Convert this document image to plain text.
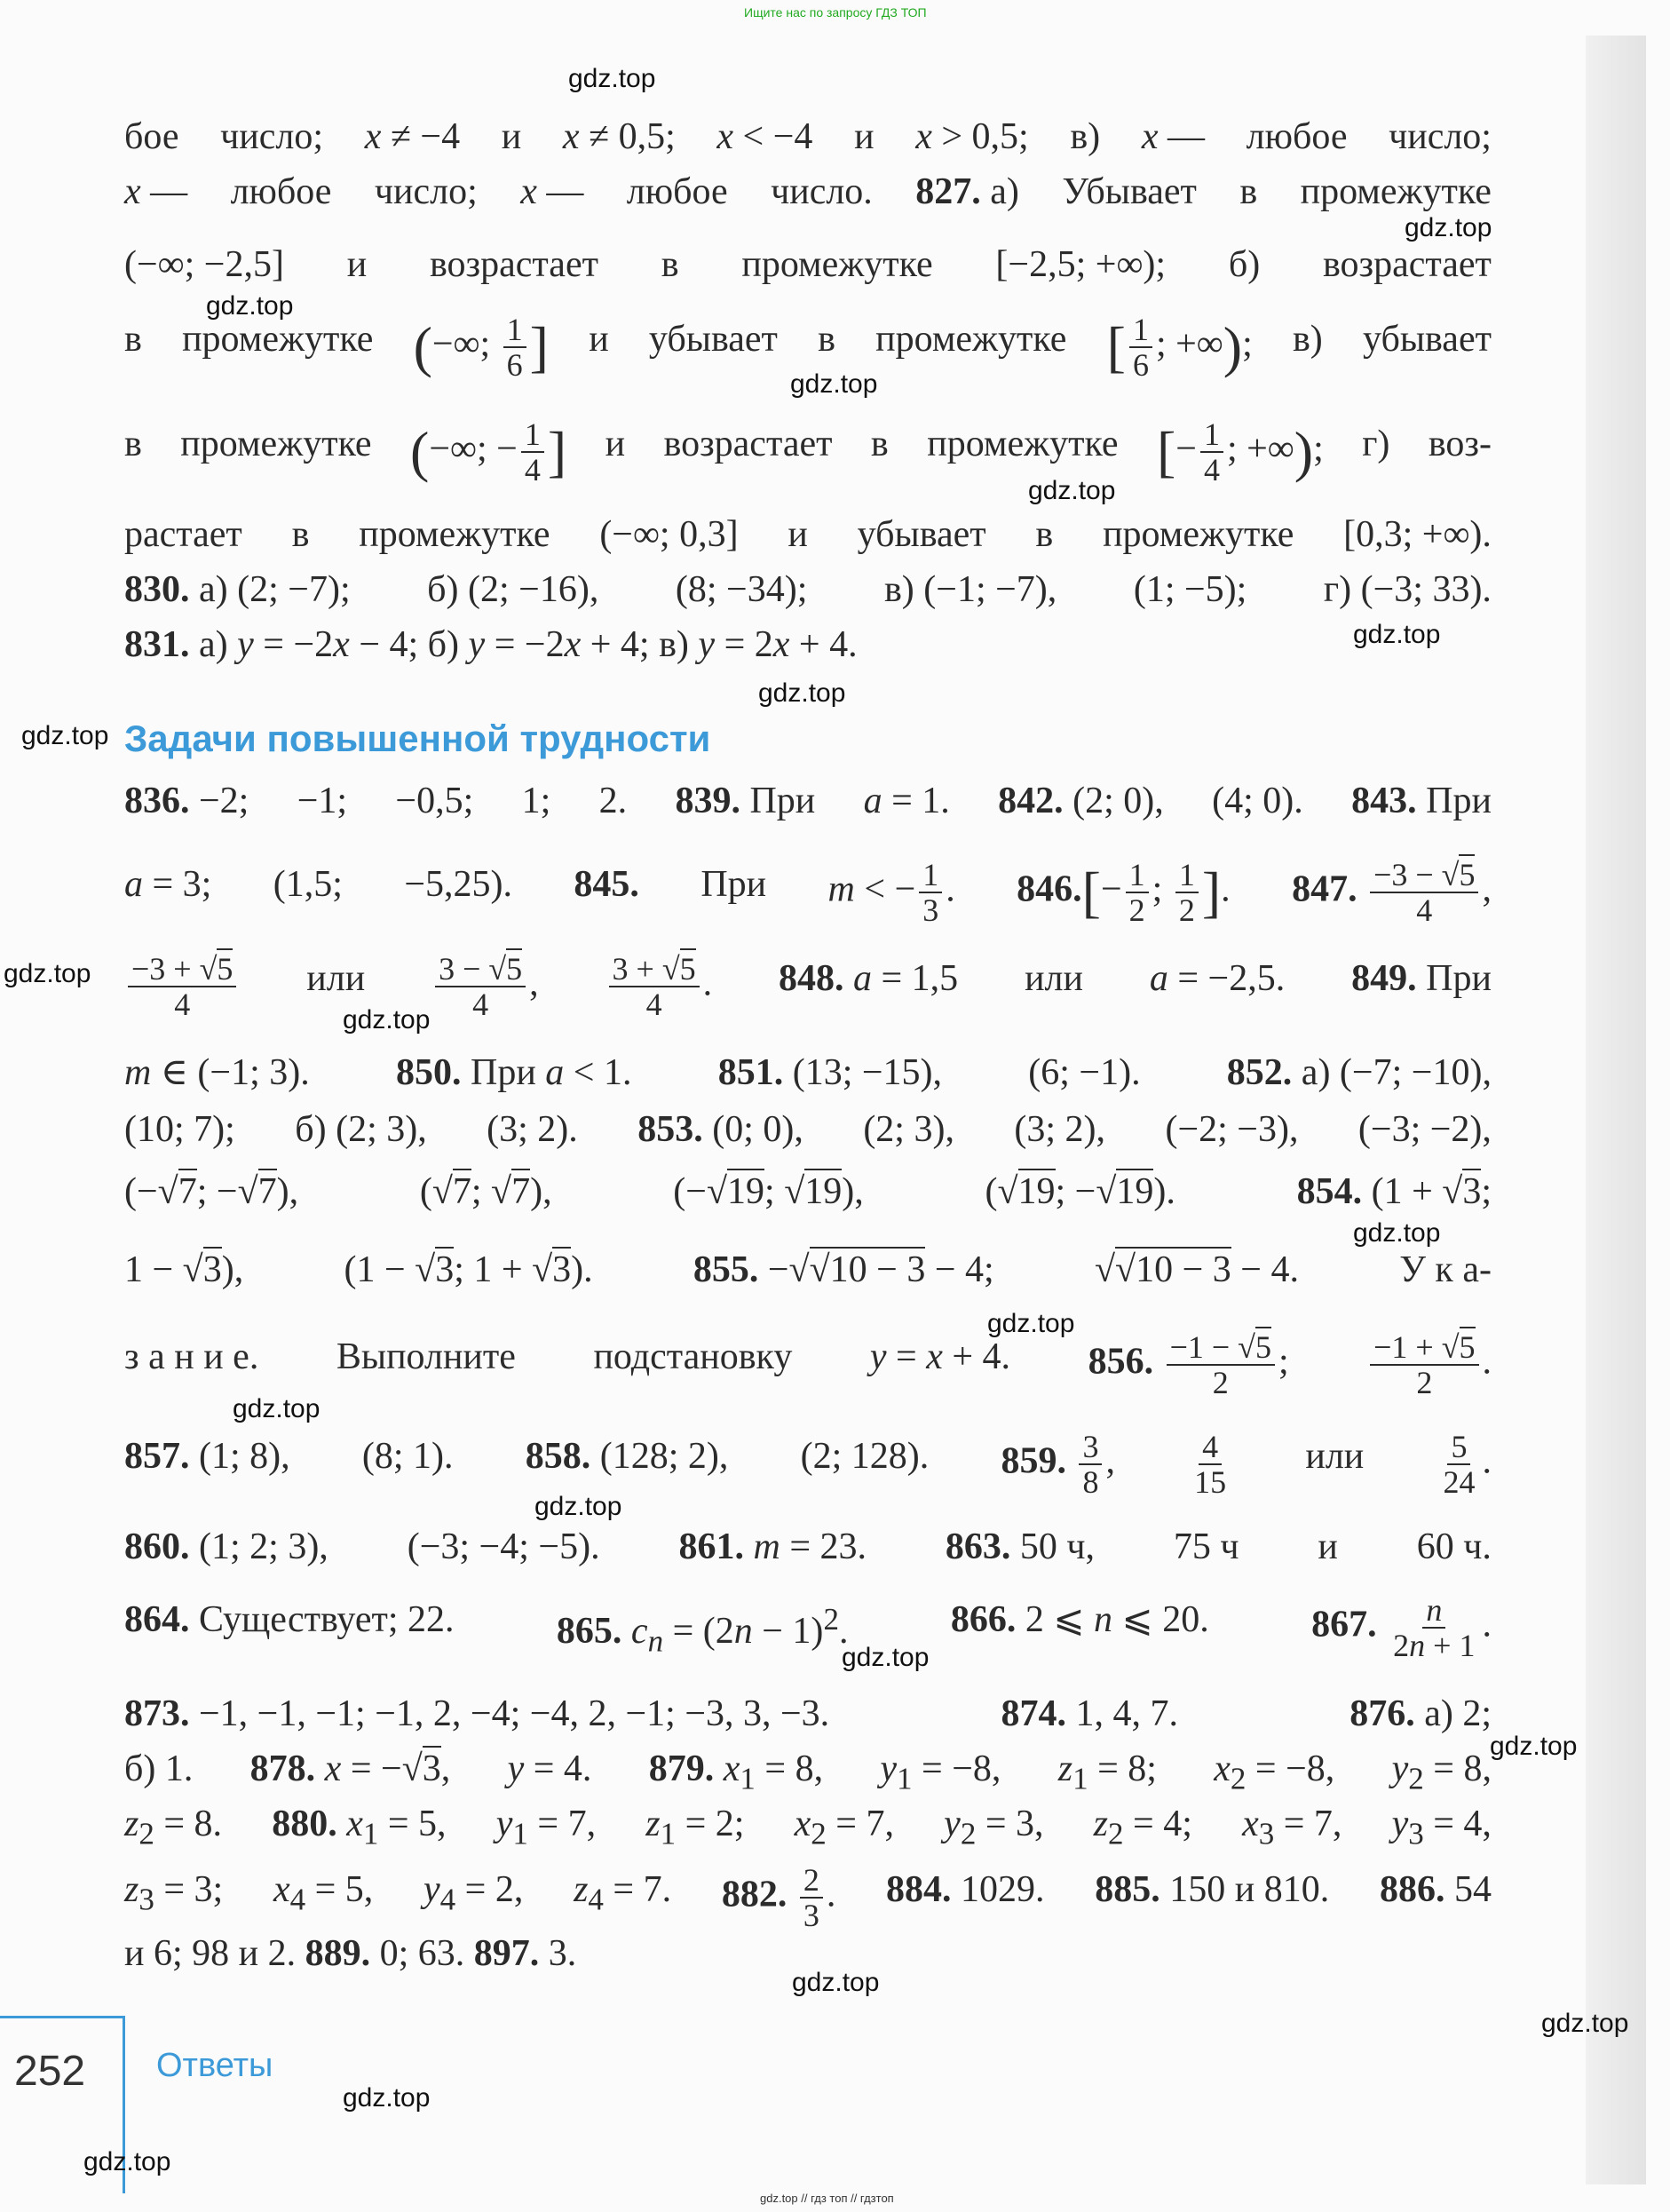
Ищите нас по запросу ГДЗ ТОП
бое число; x ≠ −4 и x ≠ 0,5; x < −4 и x > 0,5; в) x — любое число;
x — любое число; x — любое число. 827. а) Убывает в промежутке
(−∞; −2,5] и возрастает в промежутке [−2,5; +∞); б) возрастает
в промежутке (−∞; $\frac{1}{6}$ ] и убывает в промежутке [ $\frac{1}{6}$ ; +∞); в) убывает
в промежутке (−∞; − $\frac{1}{4}$ ] и возрастает в промежутке [− $\frac{1}{4}$ ; +∞); г) воз-
растает в промежутке (−∞; 0,3] и убывает в промежутке [0,3; +∞).
830. а) (2; −7); б) (2; −16), (8; −34); в) (−1; −7), (1; −5); г) (−3; 33).
831. а) y = −2x − 4; б) y = −2x + 4; в) y = 2x + 4.
Задачи повышенной трудности
836. −2; −1; −0,5; 1; 2. 839. При a = 1. 842. (2; 0), (4; 0). 843. При
a = 3; (1,5; −5,25). 845. При m < − $\frac{1}{3}$ . $846.[- \frac{1}{2}$ ; $\frac{1}{2}$ ]. 847. $\frac{-3 - √5}{4}$ ,
$\frac{-3 + √5}{4}$ или $\frac{3 - √5}{4}$ , $\frac{3 + √5}{4}$ . 848. a = 1,5 или a = −2,5. 849. При
m ∈ (−1; 3). 850. При a < 1. 851. (13; −15), (6; −1). 852. а) (−7; −10),
(10; 7); б) (2; 3), (3; 2). 853. (0; 0), (2; 3), (3; 2), (−2; −3), (−3; −2),
(−√7; −√7),	(√7; √7),	(−√19; √19),	(√19; −√19).	854. (1 + √3;
1 − √3),	(1 − √3; 1 + √3).	855. −√√10 − 3 − 4;	√√10 − 3 − 4.	У к а-
з а н и е. Выполните подстановку y = x + 4. 856. $\frac{-1 - √5}{2}$ ;	$\frac{-1 + √5}{2}$ .
857. (1; 8), (8; 1). 858. (128; 2), (2; 128). 859. $\frac{3}{8}$ , $\frac{4}{15}$ или $\frac{5}{24}$ .
860. (1; 2; 3), (−3; −4; −5). 861. m = 23. 863. 50 ч, 75 ч и 60 ч.
864. Существует; 22.	865. $c_n = (2n - 1)^2$.	866. 2 ⩽ n ⩽ 20.	867. $\frac{n}{2n + 1}$ .
873. −1, −1, −1; −1, 2, −4; −4, 2, −1; −3, 3, −3.	874. 1, 4, 7.	876. а) 2;
б) 1. 878. x = −√3, y = 4. 879. $x_1 = 8$, $y_1 = -8$, $z_1 = 8$; $x_2 = -8$, $y_2 = 8$,
$z_2 = 8$. 880. $x_1 = 5$, $y_1 = 7$, $z_1 = 2$; $x_2 = 7$, $y_2 = 3$, $z_2 = 4$; $x_3 = 7$, $y_3 = 4$,
$z_3 = 3$; $x_4 = 5$, $y_4 = 2$, $z_4 = 7$. 882. $\frac{2}{3}$ . 884. 1029. 885. 150 и 810. 886. 54
и 6; 98 и 2. 889. 0; 63. 897. 3.
252 Ответы
gdz.top
gdz.top
gdz.top
gdz.top
gdz.top
gdz.top
gdz.top
gdz.top
gdz.top
gdz.top
gdz.top
gdz.top
gdz.top
gdz.top
gdz.top
gdz.top
gdz.top
gdz.top
gdz.top
gdz.top
gdz.top // гдз топ // гдзтоп
